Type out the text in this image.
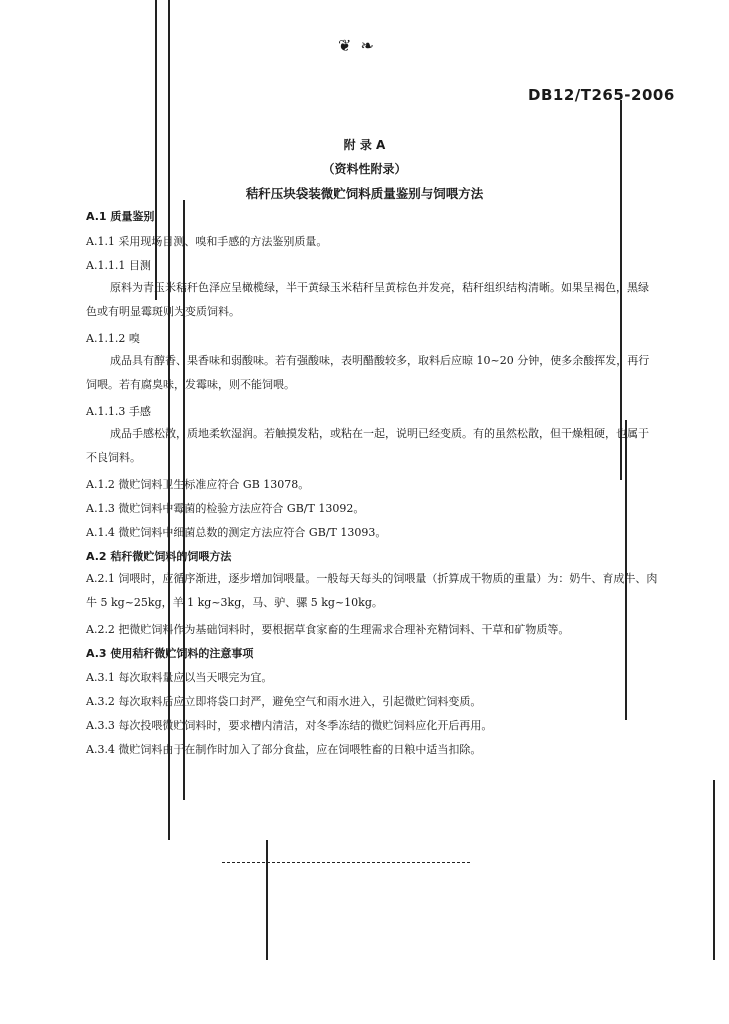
❦ ❧
DB12/T265-2006
附 录 A
（资料性附录）
秸秆压块袋装微贮饲料质量鉴别与饲喂方法
A.1 质量鉴别
A.1.1 采用现场目测、嗅和手感的方法鉴别质量。
A.1.1.1 目测
原料为青玉米秸秆色泽应呈橄榄绿，半干黄绿玉米秸秆呈黄棕色并发亮，秸秆组织结构清晰。如果呈褐色，黑绿色或有明显霉斑则为变质饲料。
A.1.1.2 嗅
成品具有醇香、果香味和弱酸味。若有强酸味，表明醋酸较多，取料后应晾 10~20 分钟，使多余酸挥发，再行饲喂。若有腐臭味，发霉味，则不能饲喂。
A.1.1.3 手感
成品手感松散，质地柔软湿润。若触摸发粘，或粘在一起，说明已经变质。有的虽然松散，但干燥粗硬，也属于不良饲料。
A.1.2 微贮饲料卫生标准应符合 GB 13078。
A.1.3 微贮饲料中霉菌的检验方法应符合 GB/T 13092。
A.1.4 微贮饲料中细菌总数的测定方法应符合 GB/T 13093。
A.2 秸秆微贮饲料的饲喂方法
A.2.1 饲喂时，应循序渐进，逐步增加饲喂量。一般每天每头的饲喂量（折算成干物质的重量）为：奶牛、育成牛、肉牛 5 kg~25kg，羊 1 kg~3kg，马、驴、骡 5 kg~10kg。
A.2.2 把微贮饲料作为基础饲料时，要根据草食家畜的生理需求合理补充精饲料、干草和矿物质等。
A.3 使用秸秆微贮饲料的注意事项
A.3.1 每次取料量应以当天喂完为宜。
A.3.2 每次取料后应立即将袋口封严，避免空气和雨水进入，引起微贮饲料变质。
A.3.3 每次投喂微贮饲料时，要求槽内清洁，对冬季冻结的微贮饲料应化开后再用。
A.3.4 微贮饲料由于在制作时加入了部分食盐，应在饲喂牲畜的日粮中适当扣除。
